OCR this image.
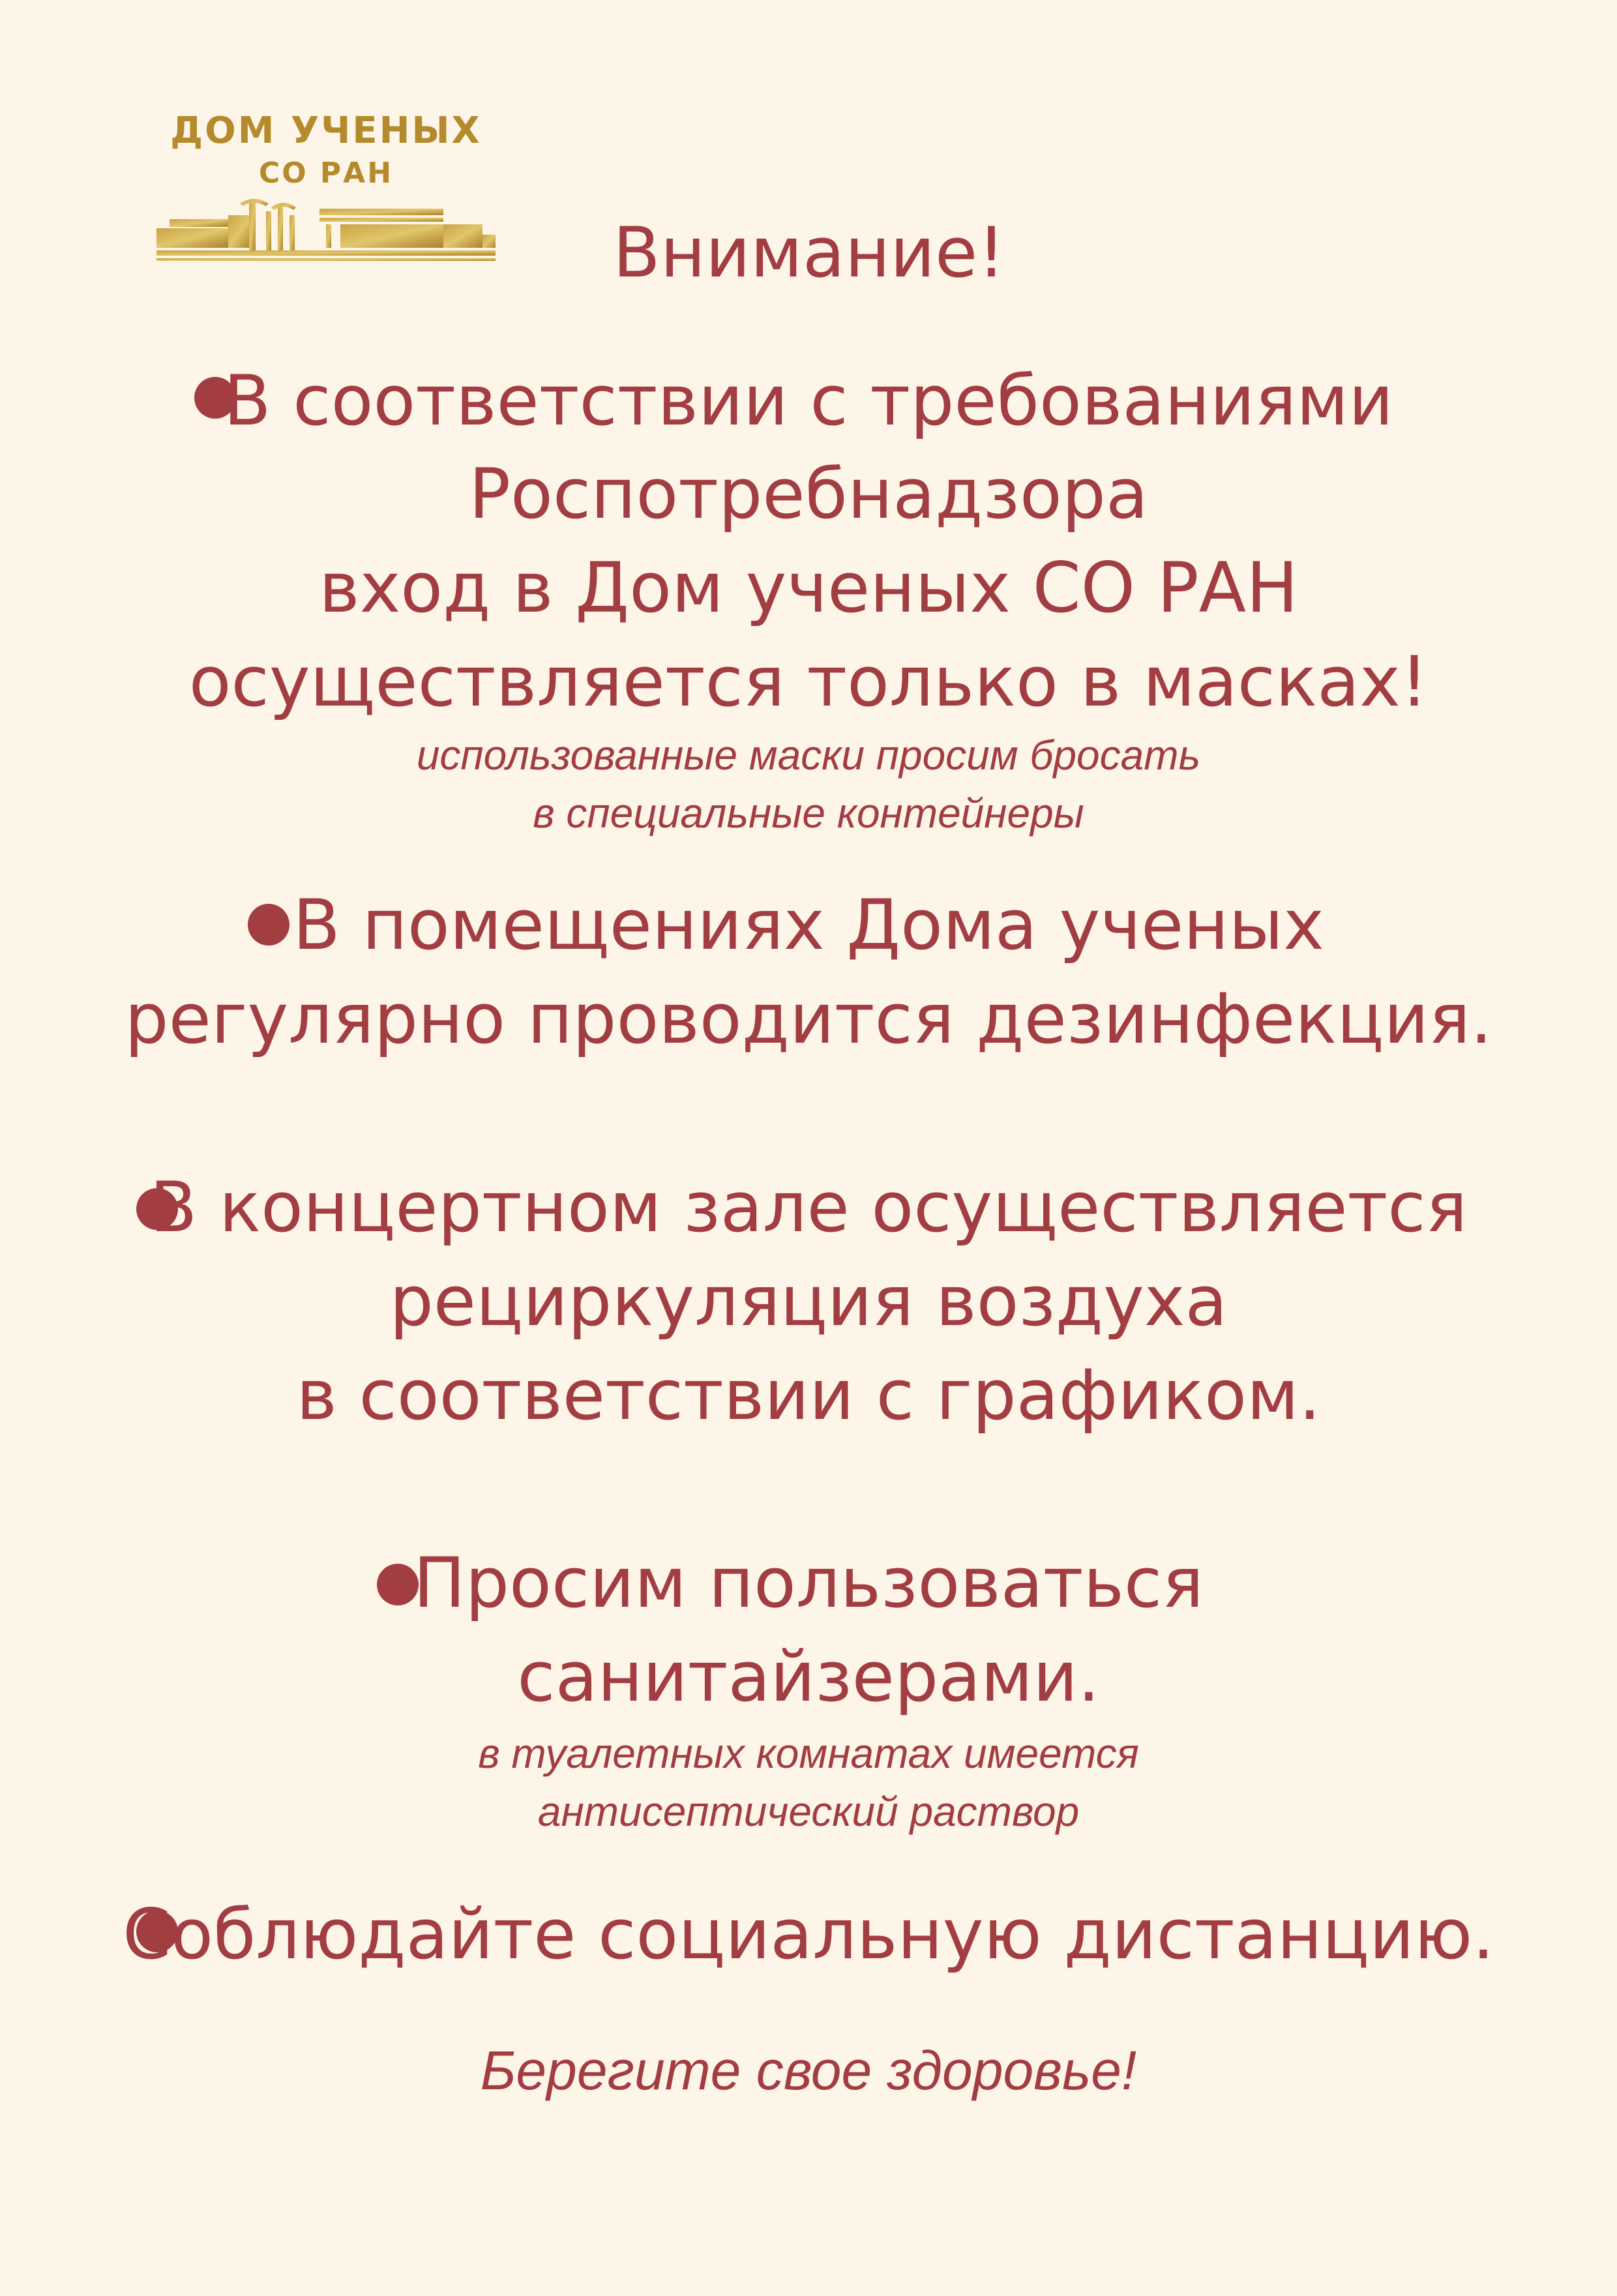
ДОМ УЧЕНЫХ
СО РАН
Внимание!
В соответствии с требованиями
Роспотребнадзора
вход в Дом ученых СО РАН
осуществляется только в масках!
использованные маски просим бросать
в специальные контейнеры
В помещениях Дома ученых
регулярно проводится дезинфекция.
В концертном зале осуществляется
рециркуляция воздуха
в соответствии с графиком.
Просим пользоваться
санитайзерами.
в туалетных комнатах имеется
антисептический раствор
Соблюдайте социальную дистанцию.
Берегите свое здоровье!
